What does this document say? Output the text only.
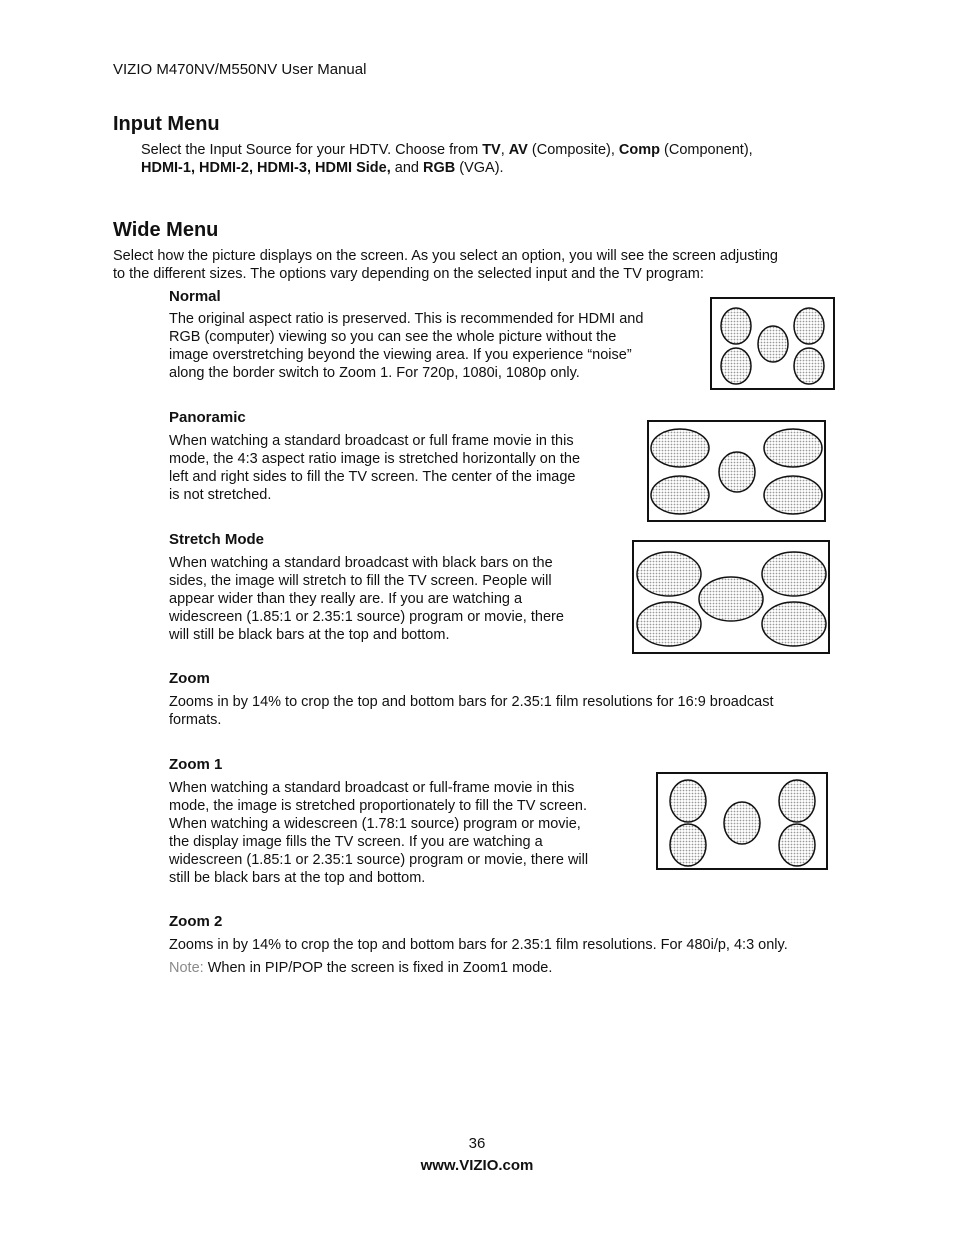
VIZIO M470NV/M550NV User Manual
Input Menu
Select the Input Source for your HDTV. Choose from TV, AV (Composite), Comp (Component),
HDMI-1, HDMI-2, HDMI-3, HDMI Side, and RGB (VGA).
Wide Menu
Select how the picture displays on the screen. As you select an option, you will see the screen adjusting
to the different sizes. The options vary depending on the selected input and the TV program:
Normal
The original aspect ratio is preserved. This is recommended for HDMI and
RGB (computer) viewing so you can see the whole picture without the
image overstretching beyond the viewing area. If you experience “noise”
along the border switch to Zoom 1. For 720p, 1080i, 1080p only.
Panoramic
When watching a standard broadcast or full frame movie in this
mode, the 4:3 aspect ratio image is stretched horizontally on the
left and right sides to fill the TV screen. The center of the image
is not stretched.
Stretch Mode
When watching a standard broadcast with black bars on the
sides, the image will stretch to fill the TV screen. People will
appear wider than they really are. If you are watching a
widescreen (1.85:1 or 2.35:1 source) program or movie, there
will still be black bars at the top and bottom.
Zoom
Zooms in by 14% to crop the top and bottom bars for 2.35:1 film resolutions for 16:9 broadcast
formats.
Zoom 1
When watching a standard broadcast or full-frame movie in this
mode, the image is stretched proportionately to fill the TV screen.
When watching a widescreen (1.78:1 source) program or movie,
the display image fills the TV screen. If you are watching a
widescreen (1.85:1 or 2.35:1 source) program or movie, there will
still be black bars at the top and bottom.
Zoom 2
Zooms in by 14% to crop the top and bottom bars for 2.35:1 film resolutions. For 480i/p, 4:3 only.
Note: When in PIP/POP the screen is fixed in Zoom1 mode.
36
www.VIZIO.com
